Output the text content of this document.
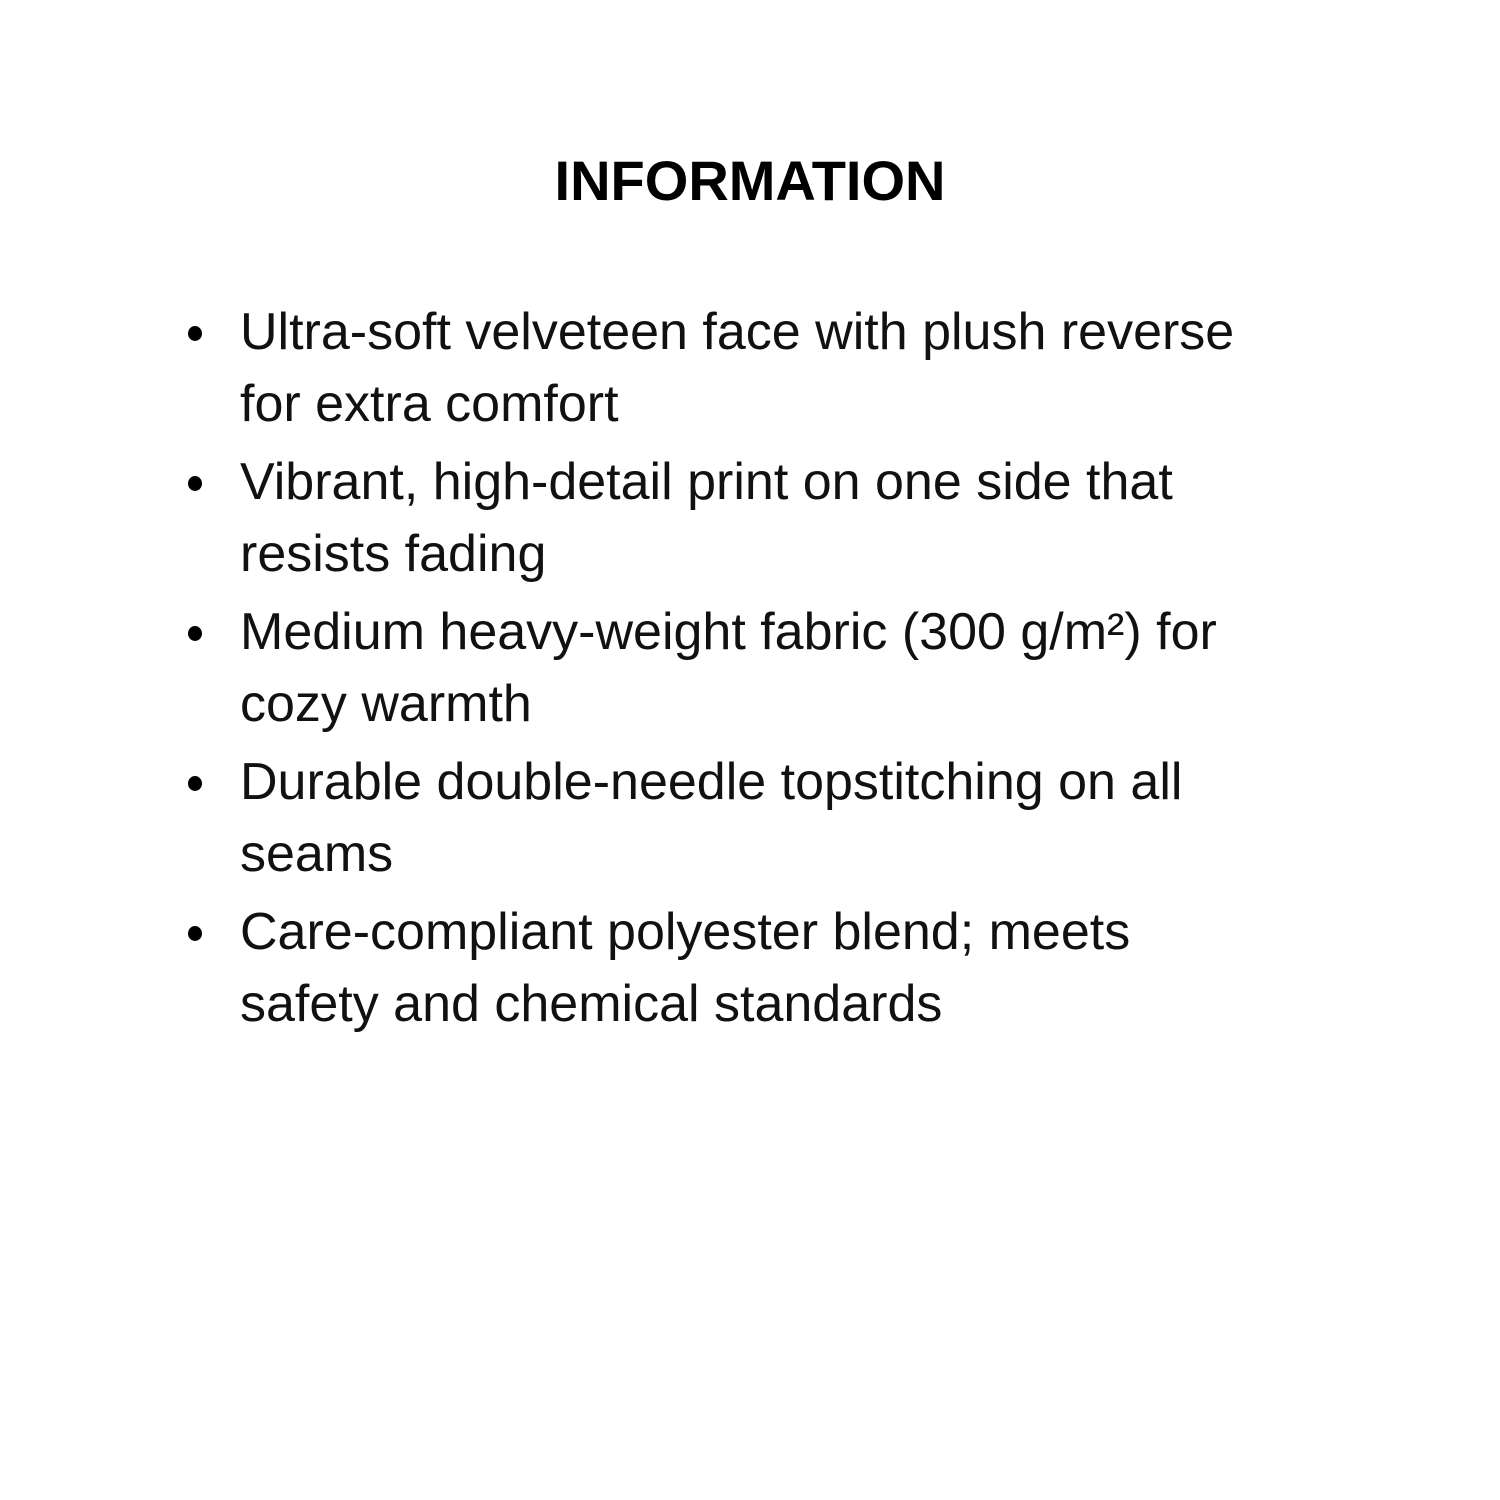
INFORMATION
Ultra-soft velveteen face with plush reverse for extra comfort
Vibrant, high-detail print on one side that resists fading
Medium heavy-weight fabric (300 g/m²) for cozy warmth
Durable double-needle topstitching on all seams
Care-compliant polyester blend; meets safety and chemical standards
